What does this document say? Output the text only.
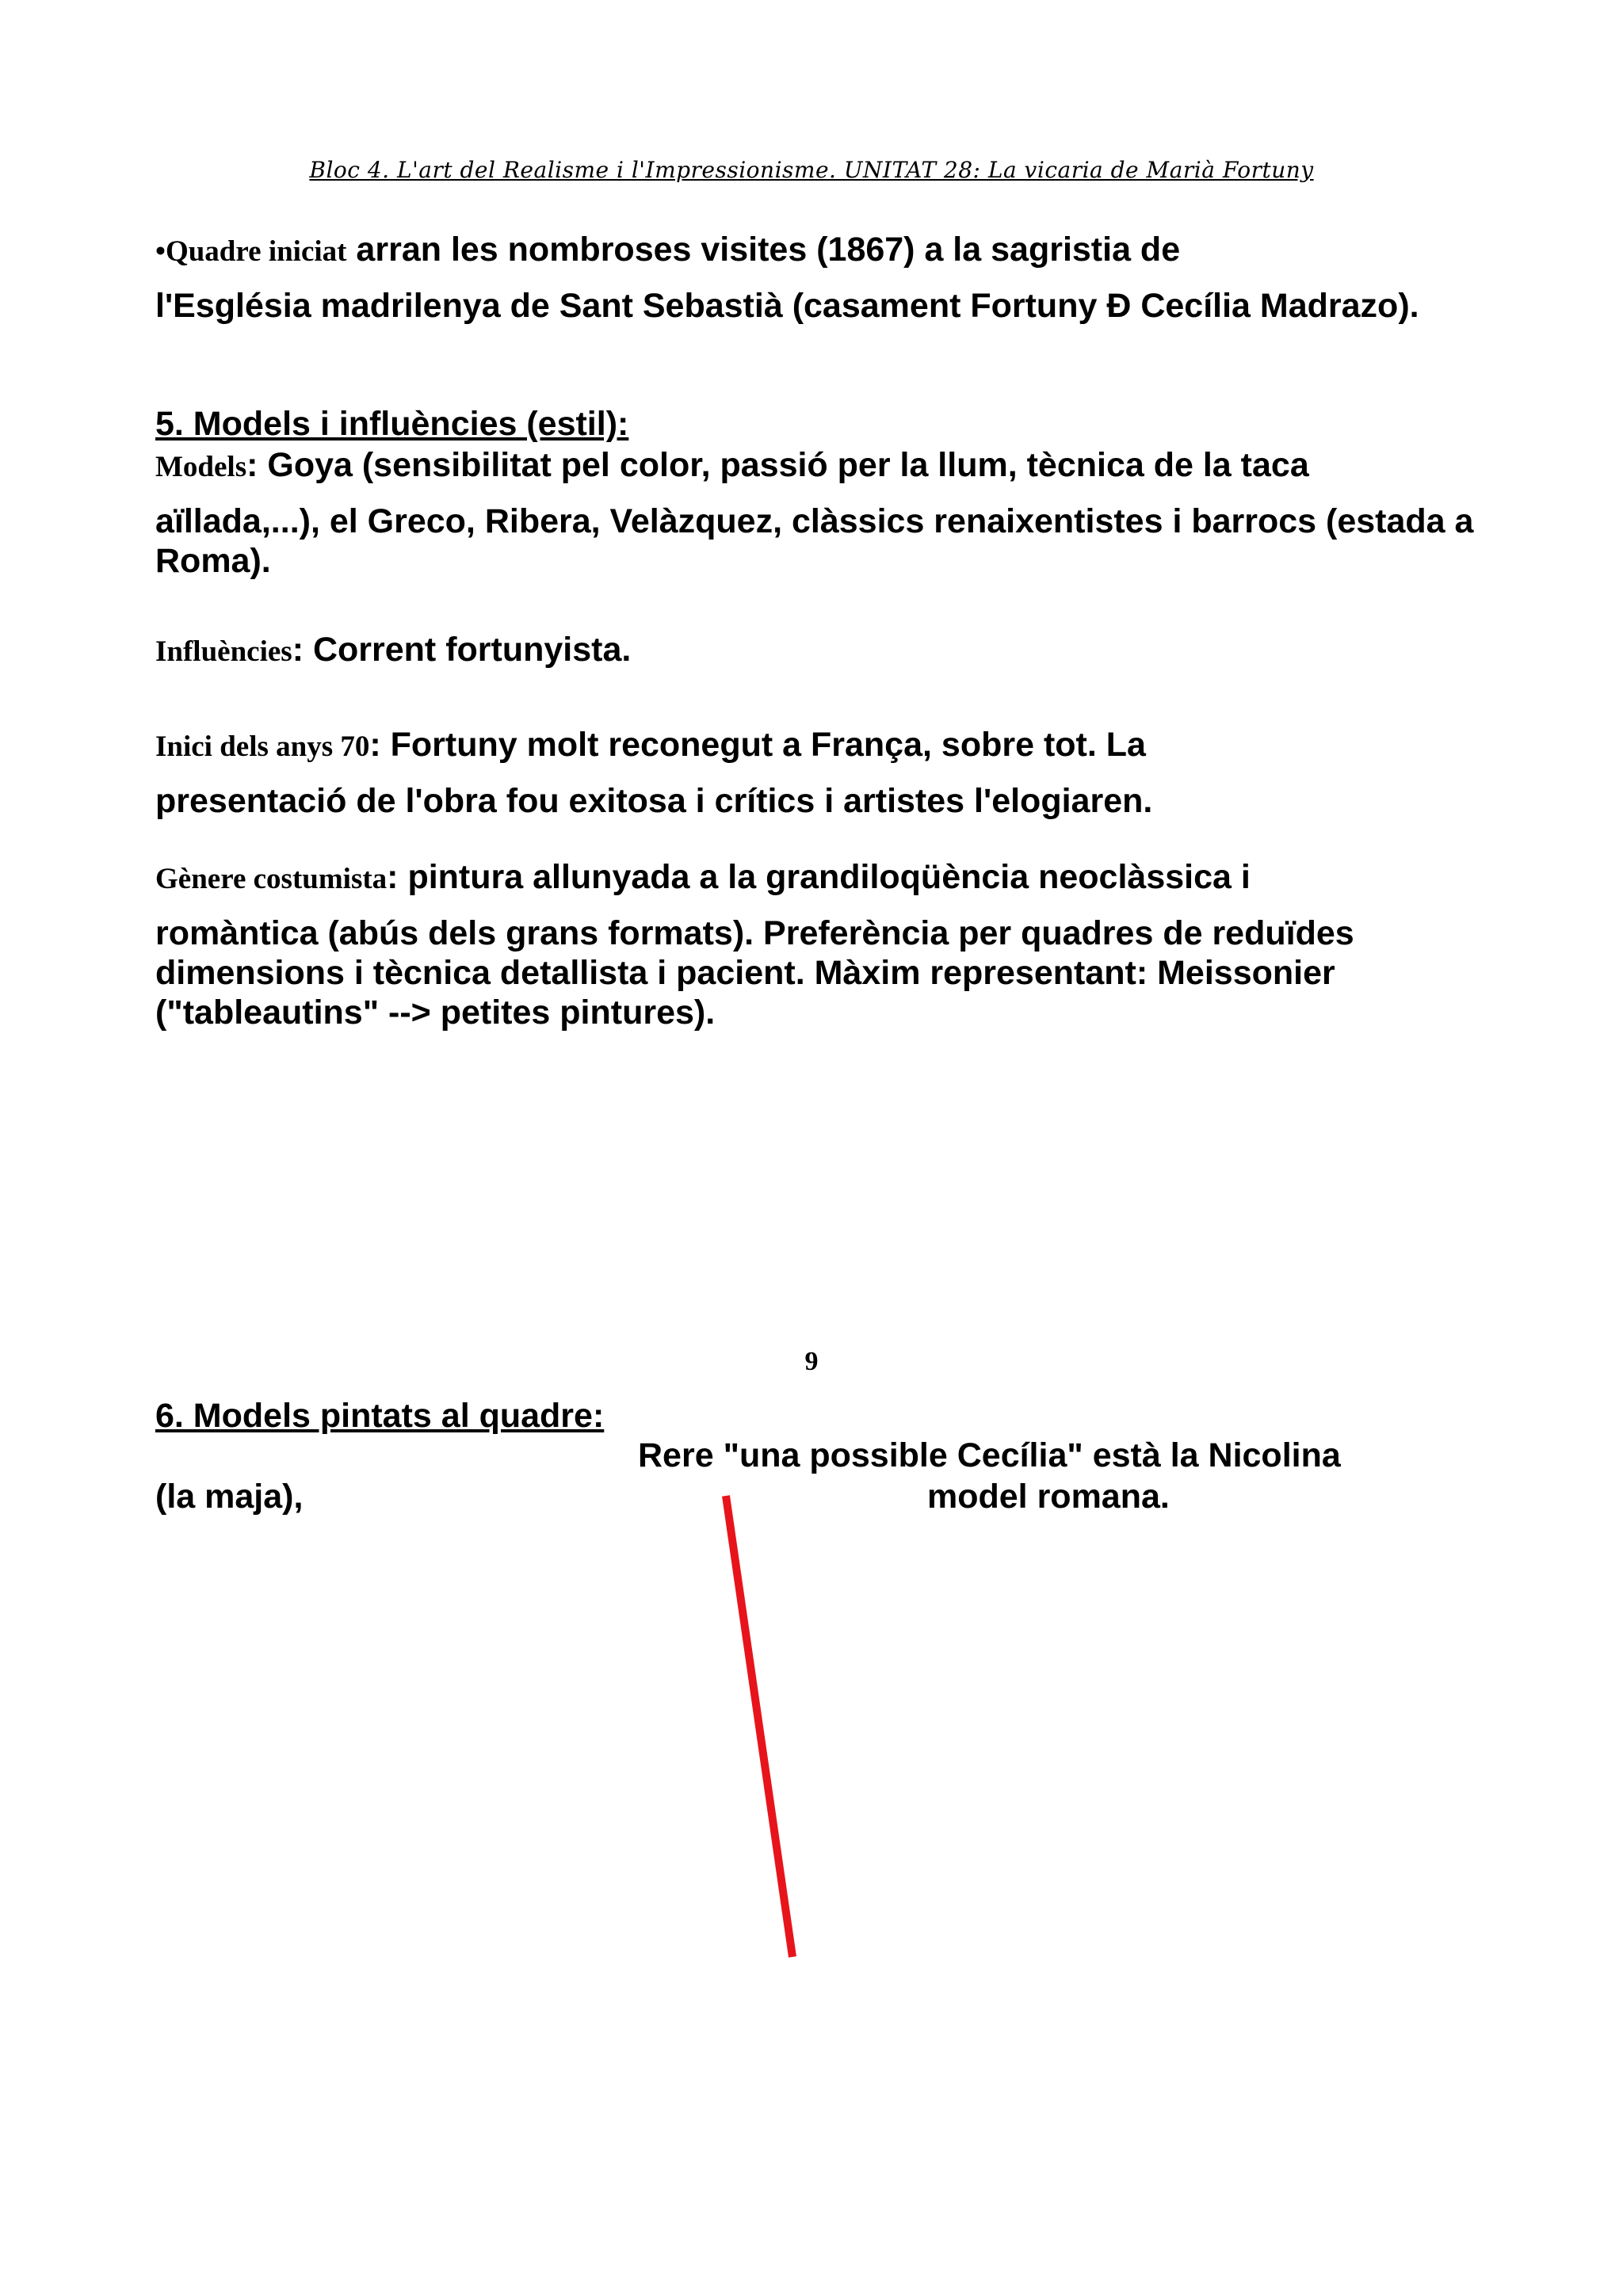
Bloc 4. L'art del Realisme i l'Impressionisme. UNITAT 28: La vicaria de Marià Fortuny

•Quadre iniciat arran les nombroses visites (1867) a la sagristia de
l'Església madrilenya de Sant Sebastià (casament Fortuny Ð Cecília Madrazo).

5. Models i influències (estil):

Models: Goya (sensibilitat pel color, passió per la llum, tècnica de la taca
aïllada,...), el Greco, Ribera, Velàzquez, clàssics renaixentistes i barrocs (estada a Roma).

Influències: Corrent fortunyista.

Inici dels anys 70: Fortuny molt reconegut a França, sobre tot. La
presentació de l'obra fou exitosa i crítics i artistes l'elogiaren.

Gènere costumista: pintura allunyada a la grandiloqüència neoclàssica i
romàntica (abús dels grans formats). Preferència per quadres de reduïdes dimensions i tècnica detallista i pacient. Màxim representant: Meissonier ("tableautins" --> petites pintures).

9
6. Models pintats al quadre:
Rere "una possible Cecília" està la Nicolina
(la maja),	model romana.
